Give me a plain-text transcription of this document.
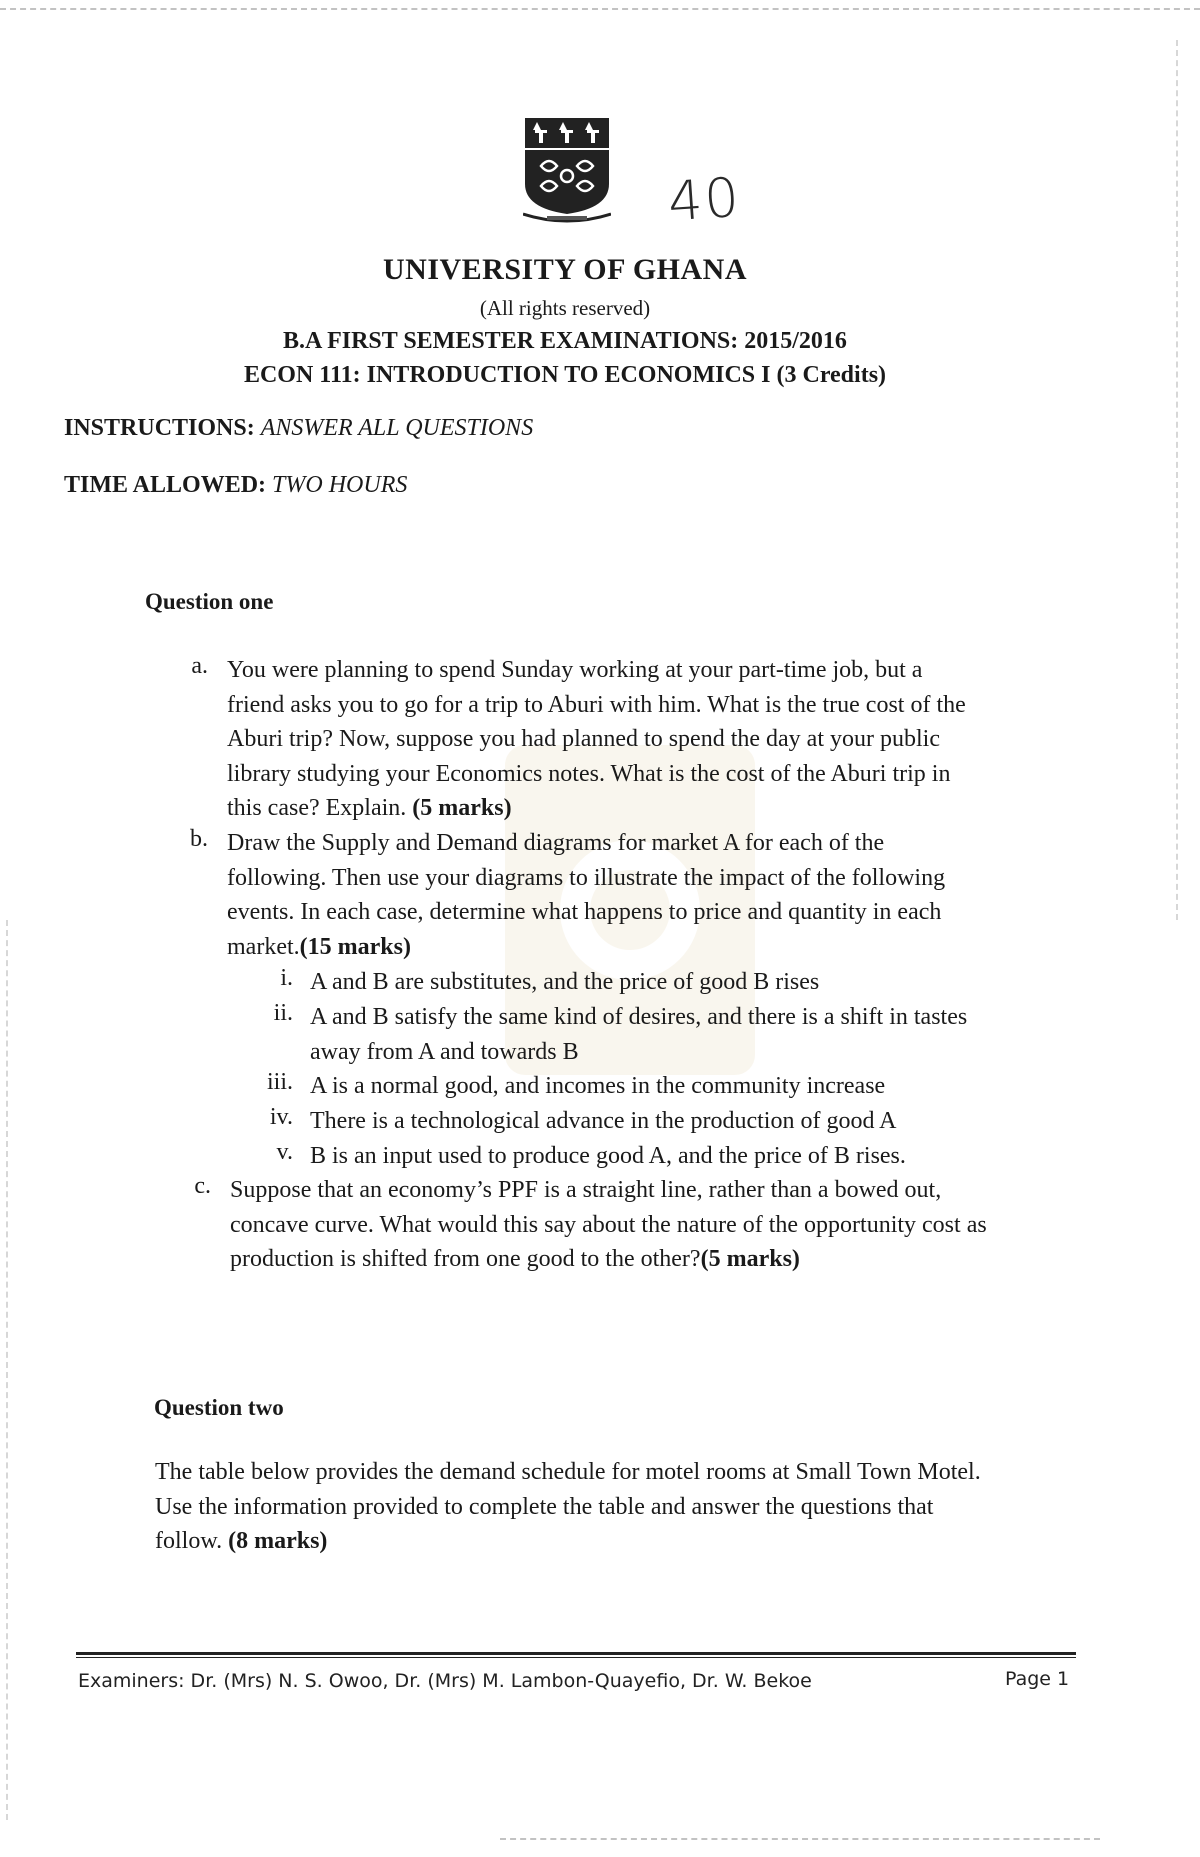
40
UNIVERSITY OF GHANA
(All rights reserved)
B.A FIRST SEMESTER EXAMINATIONS: 2015/2016
ECON 111: INTRODUCTION TO ECONOMICS I (3 Credits)
INSTRUCTIONS: ANSWER ALL QUESTIONS
TIME ALLOWED: TWO HOURS
Question one
a. You were planning to spend Sunday working at your part-time job, but a
friend asks you to go for a trip to Aburi with him. What is the true cost of the
Aburi trip? Now, suppose you had planned to spend the day at your public
library studying your Economics notes. What is the cost of the Aburi trip in
this case? Explain. (5 marks)
b. Draw the Supply and Demand diagrams for market A for each of the
following. Then use your diagrams to illustrate the impact of the following
events. In each case, determine what happens to price and quantity in each
market.(15 marks)
i. A and B are substitutes, and the price of good B rises
ii. A and B satisfy the same kind of desires, and there is a shift in tastes
away from A and towards B
iii. A is a normal good, and incomes in the community increase
iv. There is a technological advance in the production of good A
v. B is an input used to produce good A, and the price of B rises.
c. Suppose that an economy’s PPF is a straight line, rather than a bowed out,
concave curve. What would this say about the nature of the opportunity cost as
production is shifted from one good to the other?(5 marks)
Question two
The table below provides the demand schedule for motel rooms at Small Town Motel.
Use the information provided to complete the table and answer the questions that
follow. (8 marks)
Examiners: Dr. (Mrs) N. S. Owoo, Dr. (Mrs) M. Lambon-Quayefio, Dr. W. Bekoe	Page 1
